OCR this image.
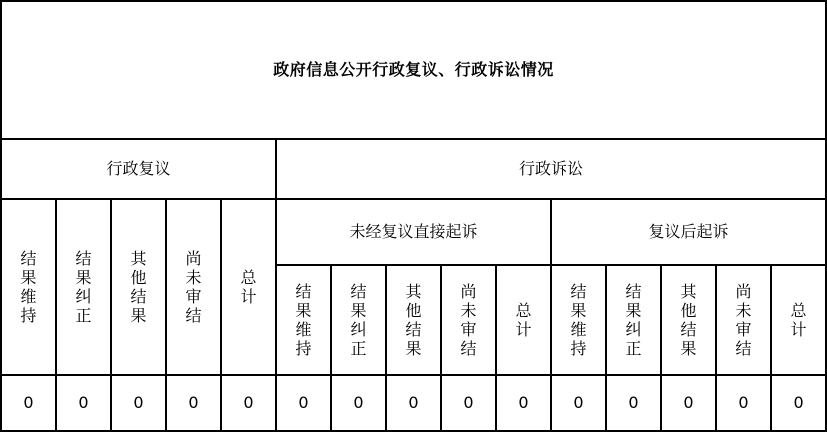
政府信息公开行政复议、行政诉讼情况														
行政复议					行政诉讼									
结果维持	结果纠正	其他结果	尚未审结	总计	未经复议直接起诉					复议后起诉				
					结果维持	结果纠正	其他结果	尚未审结	总计	结果维持	结果纠正	其他结果	尚未审结	总计
0	0	0	0	0	0	0	0	0	0	0	0	0	0	0
